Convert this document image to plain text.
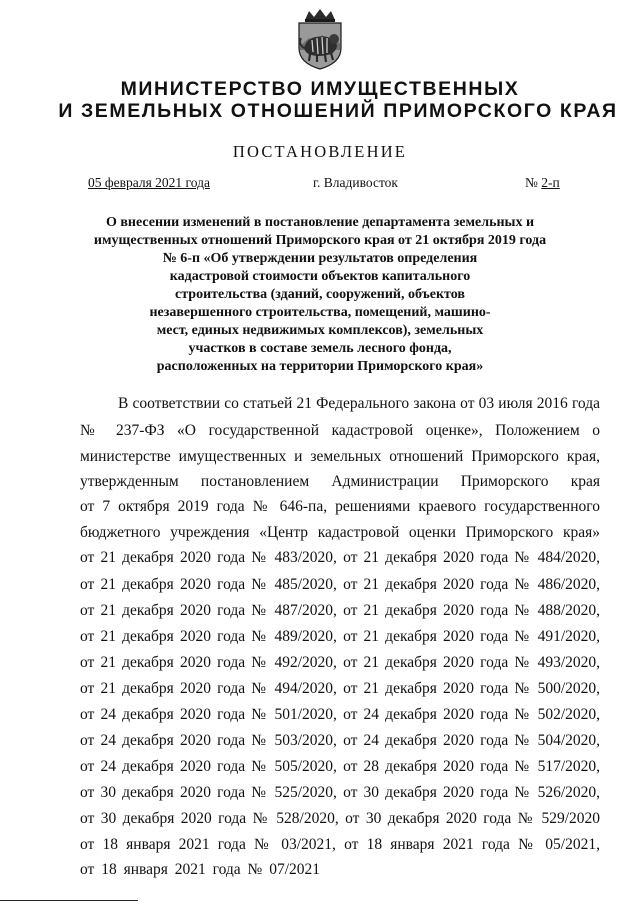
МИНИСТЕРСТВО ИМУЩЕСТВЕННЫХ
И ЗЕМЕЛЬНЫХ ОТНОШЕНИЙ ПРИМОРСКОГО КРАЯ
ПОСТАНОВЛЕНИЕ
05 февраля 2021 года	г. Владивосток	№ 2-п
О внесении изменений в постановление департамента земельных и
имущественных отношений Приморского края от 21 октября 2019 года
№ 6-п «Об утверждении результатов определения
кадастровой стоимости объектов капитального
строительства (зданий, сооружений, объектов
незавершенного строительства, помещений, машино-
мест, единых недвижимых комплексов), земельных
участков в составе земель лесного фонда,
расположенных на территории Приморского края»
В соответствии со статьей 21 Федерального закона от 03 июля 2016 года
№ 237-ФЗ «О государственной кадастровой оценке», Положением о
министерстве имущественных и земельных отношений Приморского края,
утвержденным постановлением Администрации Приморского края
от 7 октября 2019 года № 646-па, решениями краевого государственного
бюджетного учреждения «Центр кадастровой оценки Приморского края»
от 21 декабря 2020 года № 483/2020, от 21 декабря 2020 года № 484/2020,
от 21 декабря 2020 года № 485/2020, от 21 декабря 2020 года № 486/2020,
от 21 декабря 2020 года № 487/2020, от 21 декабря 2020 года № 488/2020,
от 21 декабря 2020 года № 489/2020, от 21 декабря 2020 года № 491/2020,
от 21 декабря 2020 года № 492/2020, от 21 декабря 2020 года № 493/2020,
от 21 декабря 2020 года № 494/2020, от 21 декабря 2020 года № 500/2020,
от 24 декабря 2020 года № 501/2020, от 24 декабря 2020 года № 502/2020,
от 24 декабря 2020 года № 503/2020, от 24 декабря 2020 года № 504/2020,
от 24 декабря 2020 года № 505/2020, от 28 декабря 2020 года № 517/2020,
от 30 декабря 2020 года № 525/2020, от 30 декабря 2020 года № 526/2020,
от 30 декабря 2020 года № 528/2020, от 30 декабря 2020 года № 529/2020
от 18 января 2021 года № 03/2021, от 18 января 2021 года № 05/2021,
от 18 января 2021 года № 07/2021
